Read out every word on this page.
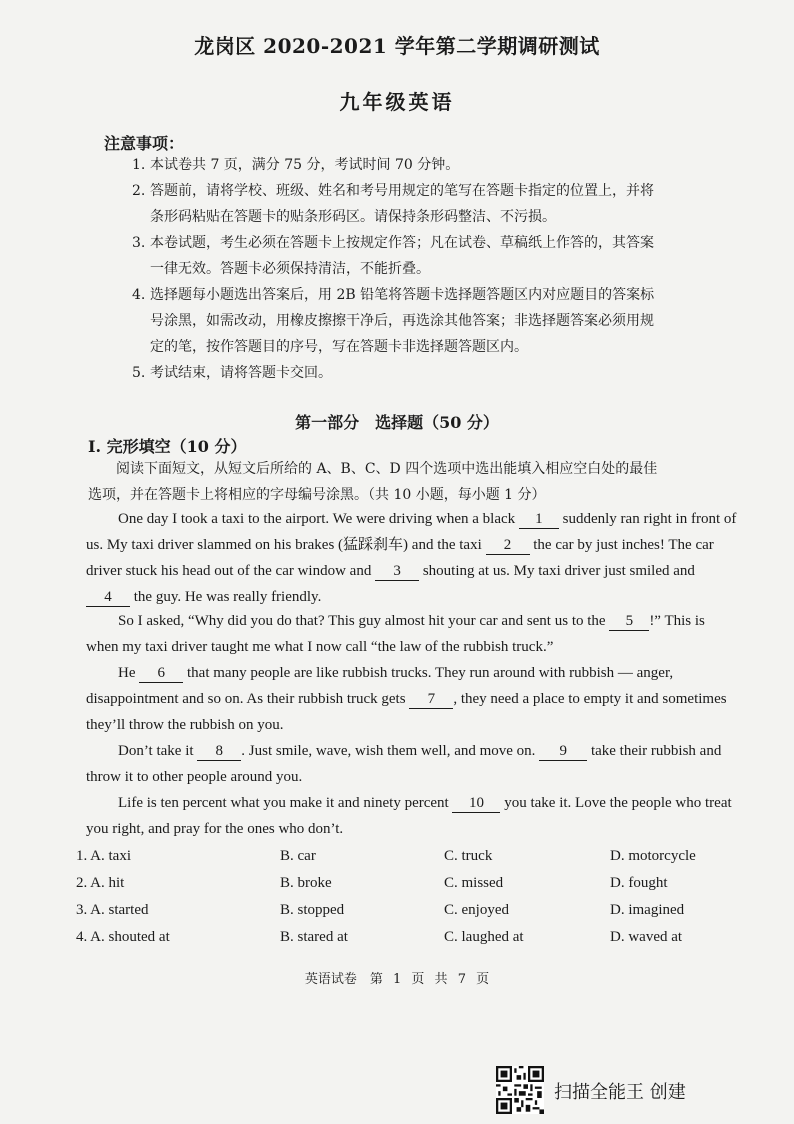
龙岗区 2020-2021 学年第二学期调研测试
九年级英语
注意事项：
1. 本试卷共 7 页，满分 75 分，考试时间 70 分钟。
2. 答题前，请将学校、班级、姓名和考号用规定的笔写在答题卡指定的位置上，并将
条形码粘贴在答题卡的贴条形码区。请保持条形码整洁、不污损。
3. 本卷试题，考生必须在答题卡上按规定作答；凡在试卷、草稿纸上作答的，其答案
一律无效。答题卡必须保持清洁，不能折叠。
4. 选择题每小题选出答案后，用 2B 铅笔将答题卡选择题答题区内对应题目的答案标
号涂黑，如需改动，用橡皮擦擦干净后，再选涂其他答案；非选择题答案必须用规
定的笔，按作答题目的序号，写在答题卡非选择题答题区内。
5. 考试结束，请将答题卡交回。
第一部分　选择题（50 分）
I. 完形填空（10 分）
阅读下面短文，从短文后所给的 A、B、C、D 四个选项中选出能填入相应空白处的最佳
选项，并在答题卡上将相应的字母编号涂黑。（共 10 小题，每小题 1 分）
One day I took a taxi to the airport. We were driving when a black 1 suddenly ran right in front of us. My taxi driver slammed on his brakes (猛踩刹车) and the taxi 2 the car by just inches! The car driver stuck his head out of the car window and 3 shouting at us. My taxi driver just smiled and 4 the guy. He was really friendly.
So I asked, “Why did you do that? This guy almost hit your car and sent us to the 5 !” This is when my taxi driver taught me what I now call “the law of the rubbish truck.”
He 6 that many people are like rubbish trucks. They run around with rubbish — anger, disappointment and so on. As their rubbish truck gets 7 , they need a place to empty it and sometimes they’ll throw the rubbish on you.
Don’t take it 8 . Just smile, wave, wish them well, and move on. 9 take their rubbish and throw it to other people around you.
Life is ten percent what you make it and ninety percent 10 you take it. Love the people who treat you right, and pray for the ones who don’t.
1. A. taxi	B. car	C. truck	D. motorcycle
2. A. hit	B. broke	C. missed	D. fought
3. A. started	B. stopped	C. enjoyed	D. imagined
4. A. shouted at	B. stared at	C. laughed at	D. waved at
英语试卷　第 1 页 共 7 页
扫描全能王 创建
